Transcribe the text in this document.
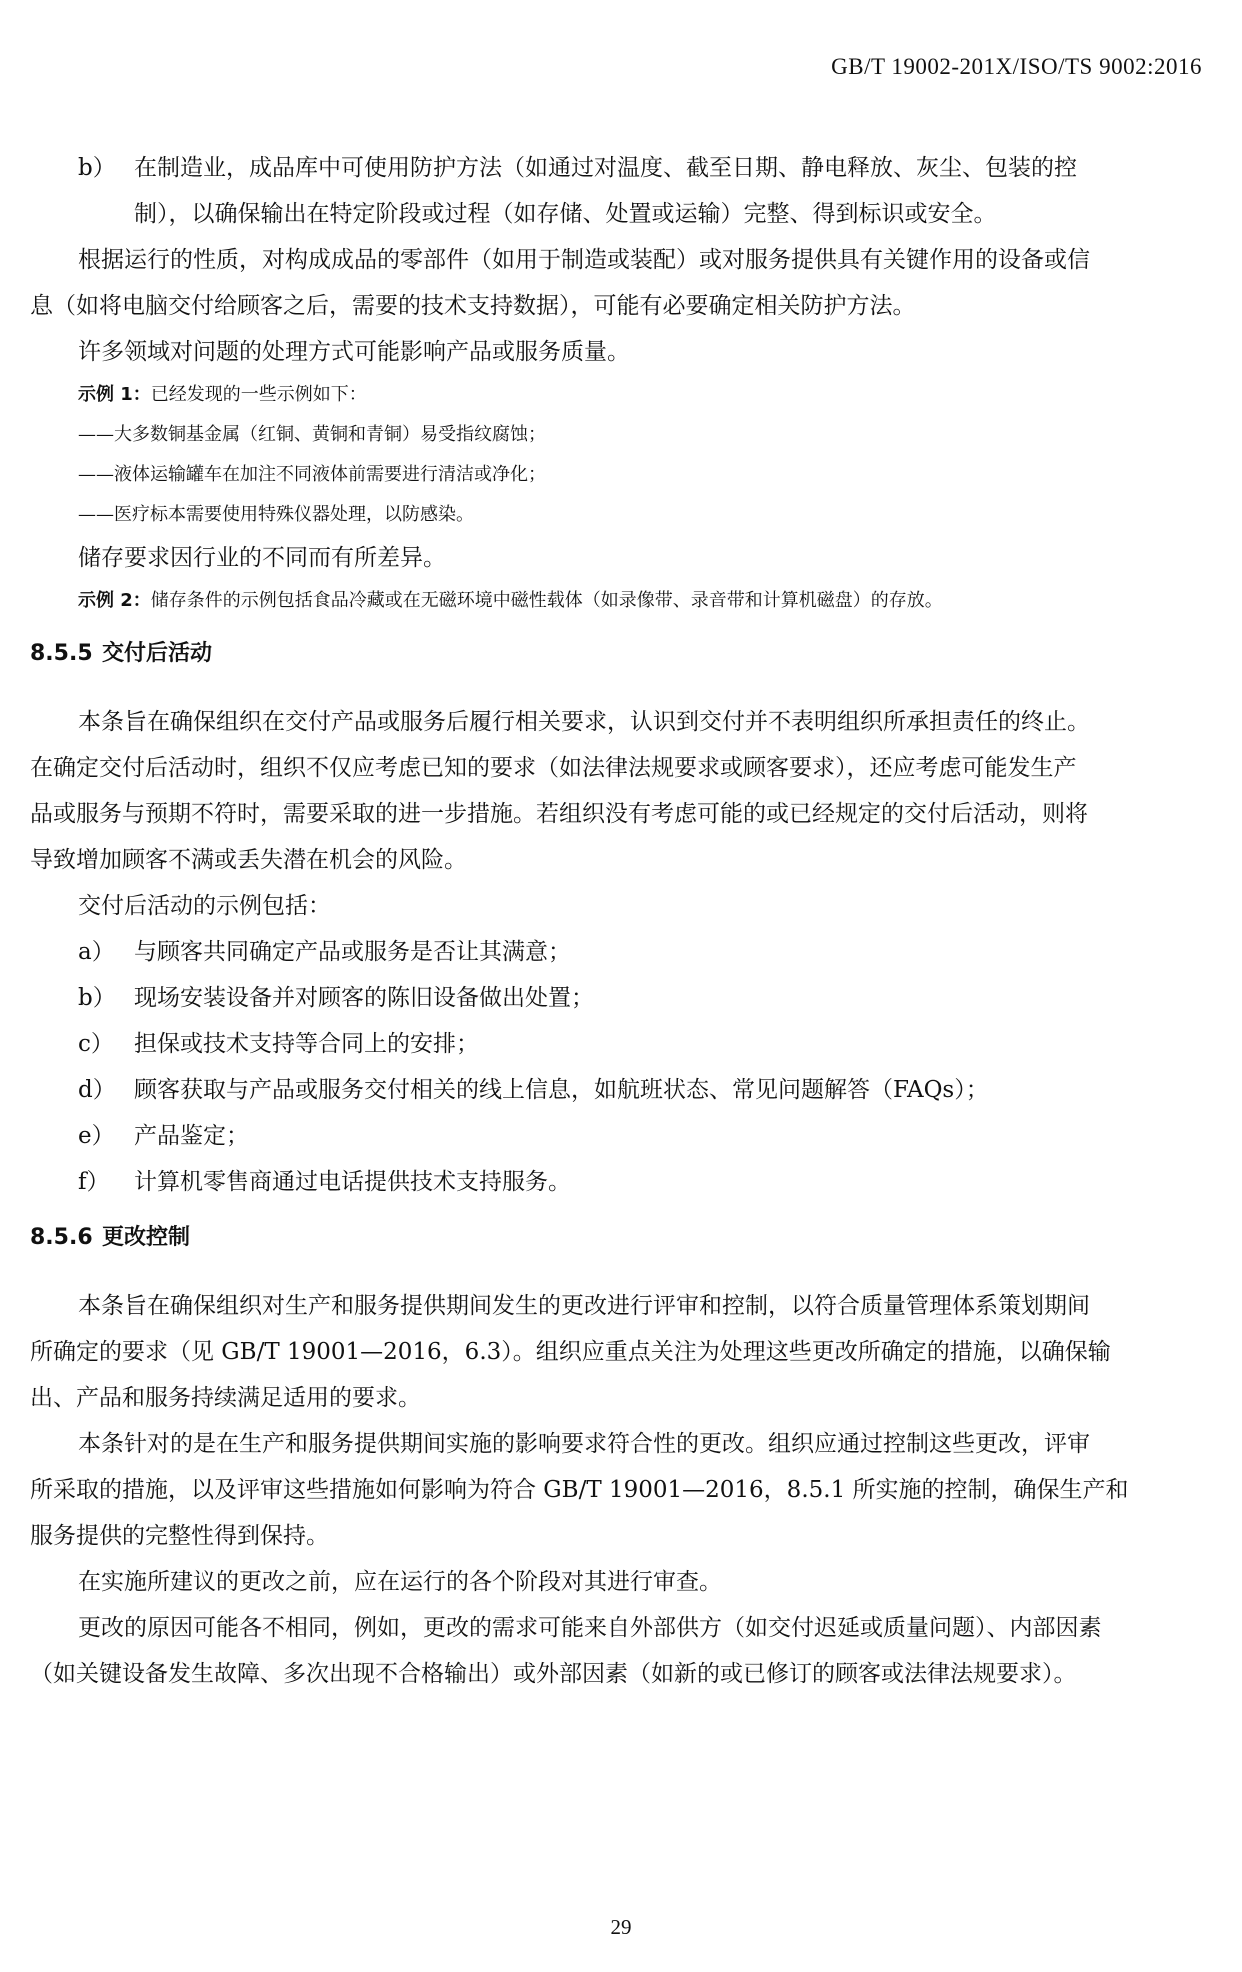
GB/T 19002-201X/ISO/TS 9002:2016
b） 在制造业，成品库中可使用防护方法（如通过对温度、截至日期、静电释放、灰尘、包装的控
制），以确保输出在特定阶段或过程（如存储、处置或运输）完整、得到标识或安全。
根据运行的性质，对构成成品的零部件（如用于制造或装配）或对服务提供具有关键作用的设备或信
息（如将电脑交付给顾客之后，需要的技术支持数据），可能有必要确定相关防护方法。
许多领域对问题的处理方式可能影响产品或服务质量。
示例 1：已经发现的一些示例如下：
——大多数铜基金属（红铜、黄铜和青铜）易受指纹腐蚀；
——液体运输罐车在加注不同液体前需要进行清洁或净化；
——医疗标本需要使用特殊仪器处理，以防感染。
储存要求因行业的不同而有所差异。
示例 2：储存条件的示例包括食品冷藏或在无磁环境中磁性载体（如录像带、录音带和计算机磁盘）的存放。
8.5.5 交付后活动
本条旨在确保组织在交付产品或服务后履行相关要求，认识到交付并不表明组织所承担责任的终止。
在确定交付后活动时，组织不仅应考虑已知的要求（如法律法规要求或顾客要求），还应考虑可能发生产
品或服务与预期不符时，需要采取的进一步措施。若组织没有考虑可能的或已经规定的交付后活动，则将
导致增加顾客不满或丢失潜在机会的风险。
交付后活动的示例包括：
a） 与顾客共同确定产品或服务是否让其满意；
b） 现场安装设备并对顾客的陈旧设备做出处置；
c） 担保或技术支持等合同上的安排；
d） 顾客获取与产品或服务交付相关的线上信息，如航班状态、常见问题解答（FAQs）；
e） 产品鉴定；
f）	计算机零售商通过电话提供技术支持服务。
8.5.6 更改控制
本条旨在确保组织对生产和服务提供期间发生的更改进行评审和控制，以符合质量管理体系策划期间
所确定的要求（见 GB/T 19001—2016，6.3）。组织应重点关注为处理这些更改所确定的措施，以确保输
出、产品和服务持续满足适用的要求。
本条针对的是在生产和服务提供期间实施的影响要求符合性的更改。组织应通过控制这些更改，评审
所采取的措施，以及评审这些措施如何影响为符合 GB/T 19001—2016，8.5.1 所实施的控制，确保生产和
服务提供的完整性得到保持。
在实施所建议的更改之前，应在运行的各个阶段对其进行审查。
更改的原因可能各不相同，例如，更改的需求可能来自外部供方（如交付迟延或质量问题）、内部因素
（如关键设备发生故障、多次出现不合格输出）或外部因素（如新的或已修订的顾客或法律法规要求）。
29
